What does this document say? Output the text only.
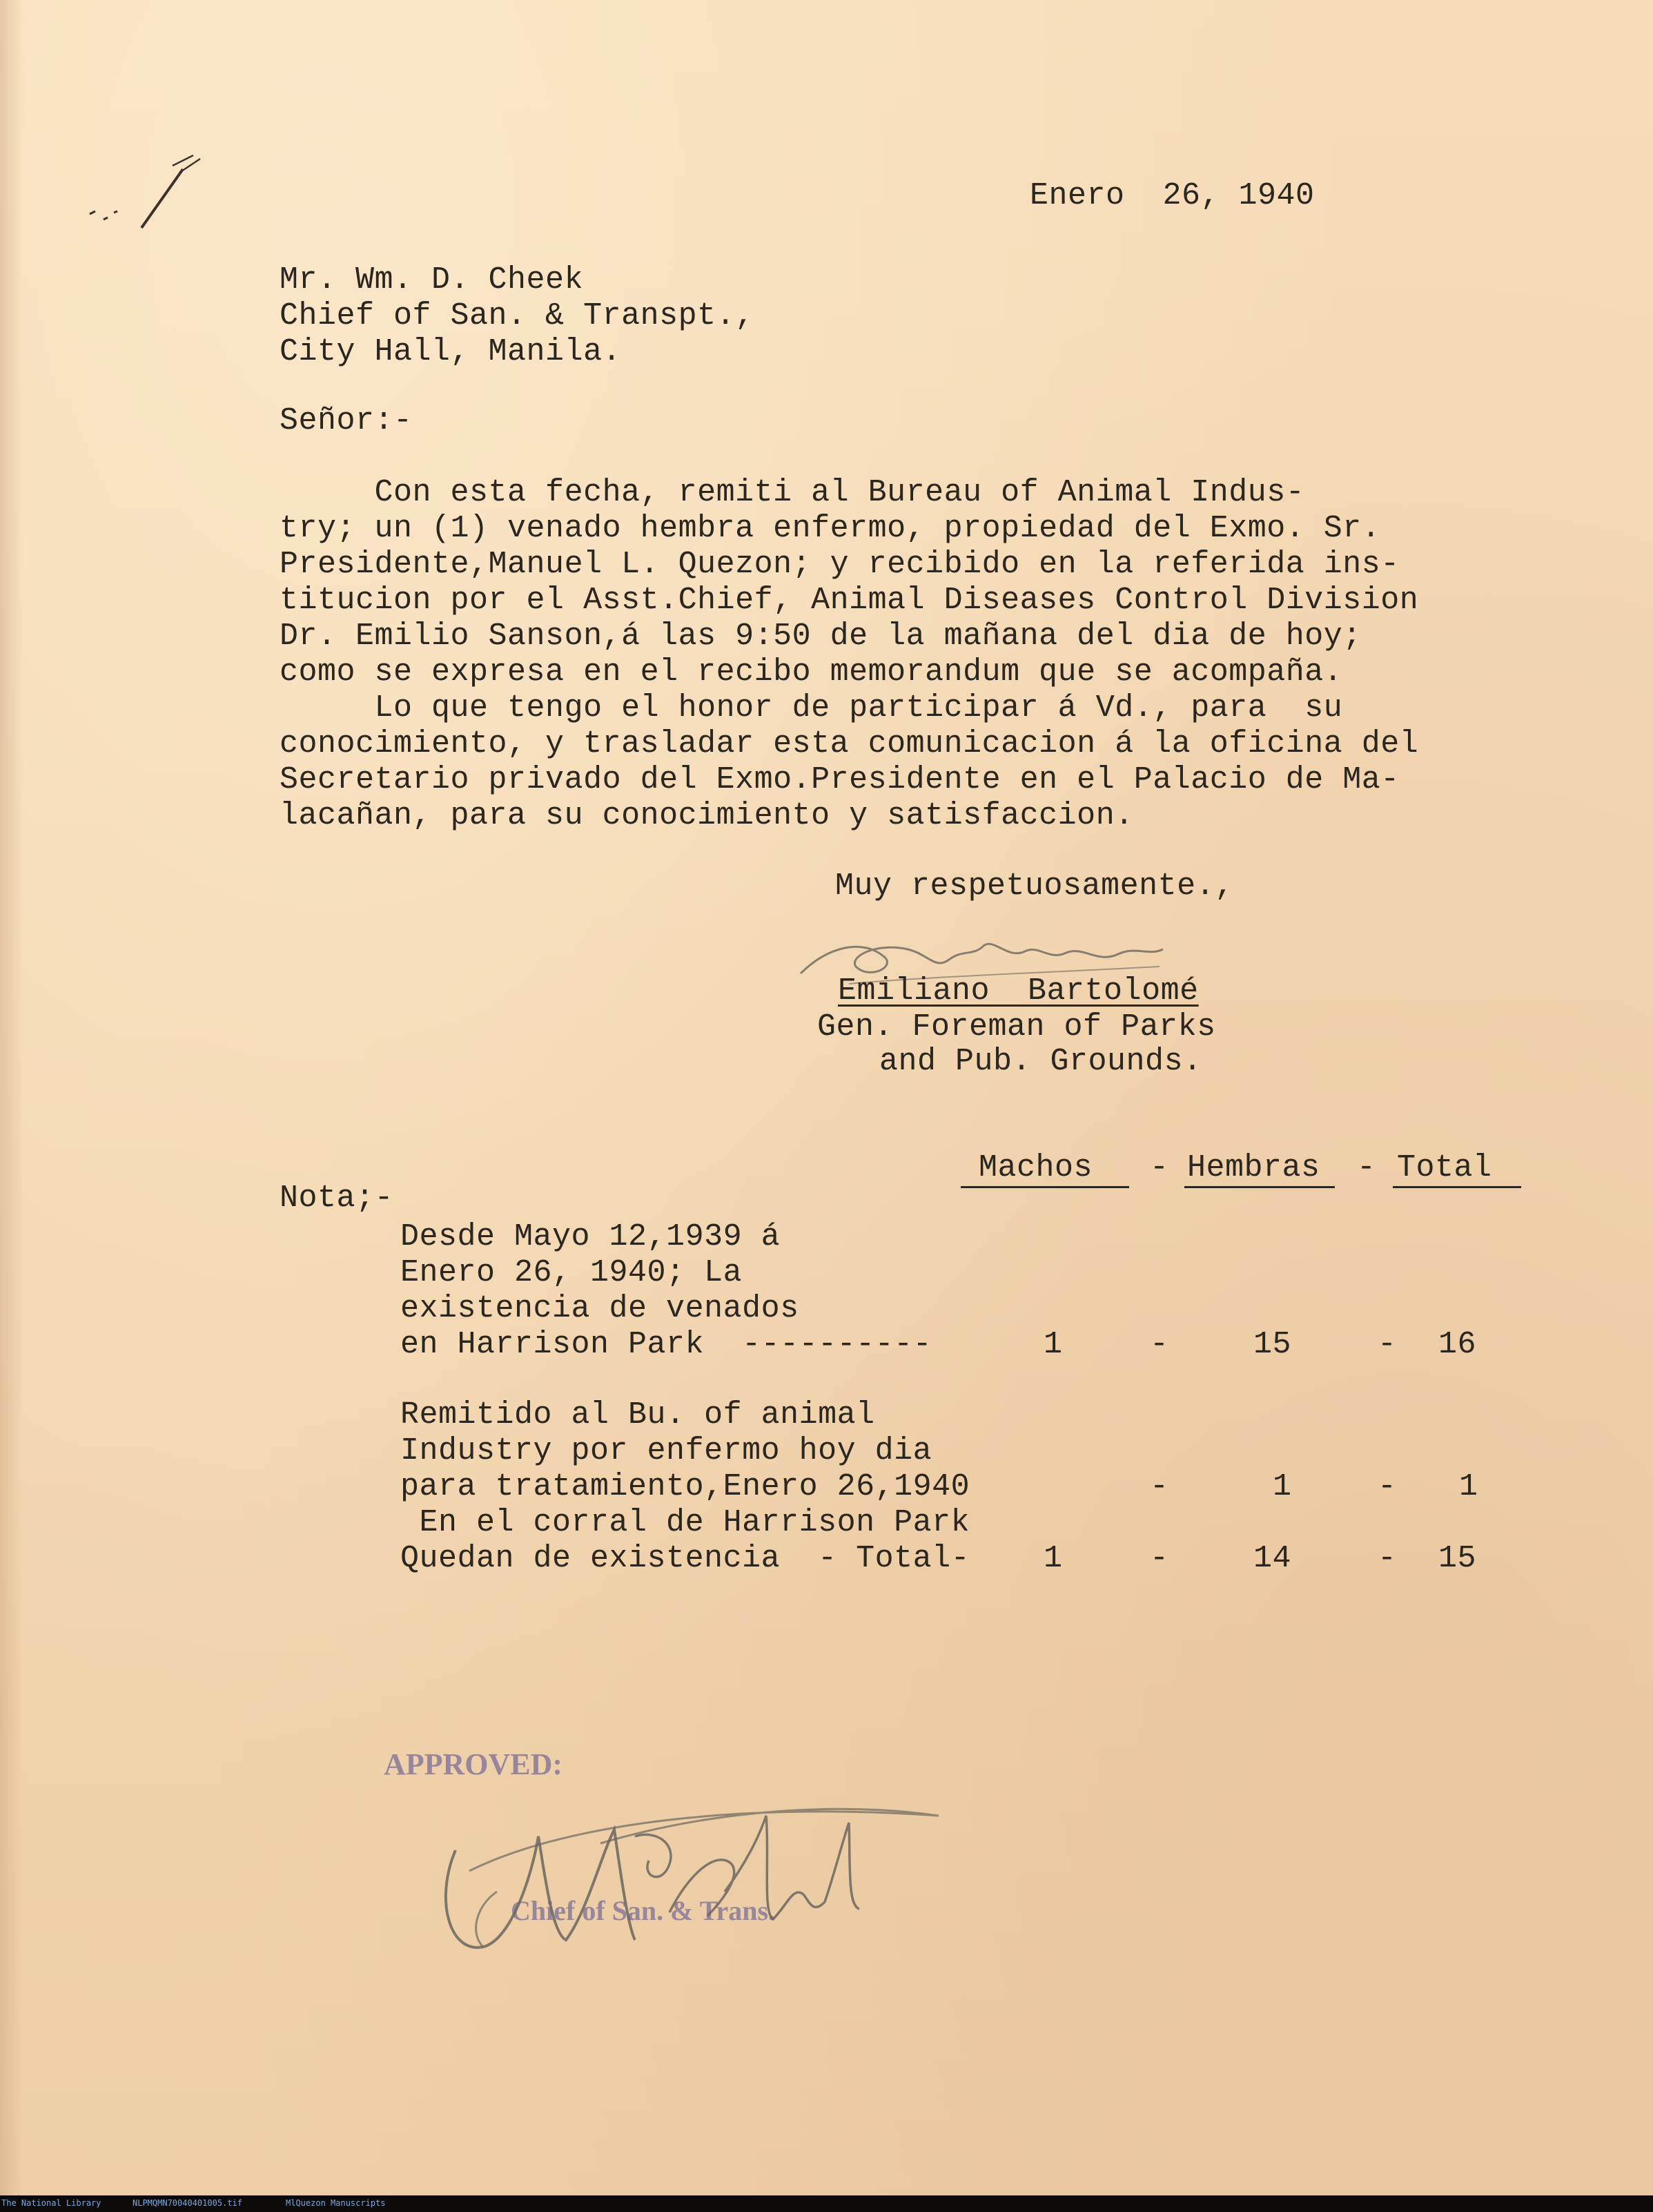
Enero  26, 1940
Mr. Wm. D. Cheek
Chief of San. & Transpt.,
City Hall, Manila.
Señor:-
Con esta fecha, remiti al Bureau of Animal Indus-
try; un (1) venado hembra enfermo, propiedad del Exmo. Sr.
Presidente,Manuel L. Quezon; y recibido en la referida ins-
titucion por el Asst.Chief, Animal Diseases Control Division
Dr. Emilio Sanson,á las 9:50 de la mañana del dia de hoy;
como se expresa en el recibo memorandum que se acompaña.
Lo que tengo el honor de participar á Vd., para  su
conocimiento, y trasladar esta comunicacion á la oficina del
Secretario privado del Exmo.Presidente en el Palacio de Ma-
lacañan, para su conocimiento y satisfaccion.
Muy respetuosamente.,
Emiliano  Bartolomé
Gen. Foreman of Parks
and Pub. Grounds.
Machos - Hembras - Total
Nota;-
Desde Mayo 12,1939 á
Enero 26, 1940; La
existencia de venados
en Harrison Park  ----------	1	-	15	- 16
Remitido al Bu. of animal
Industry por enfermo hoy dia
para tratamiento,Enero 26,1940	-	1	- 1
En el corral de Harrison Park
Quedan de existencia  - Total- 1	-	14	- 15
APPROVED:
Chief of San. & Trans.
The National Library	NLPMQMN70040401005.tif	MlQuezon Manuscripts
